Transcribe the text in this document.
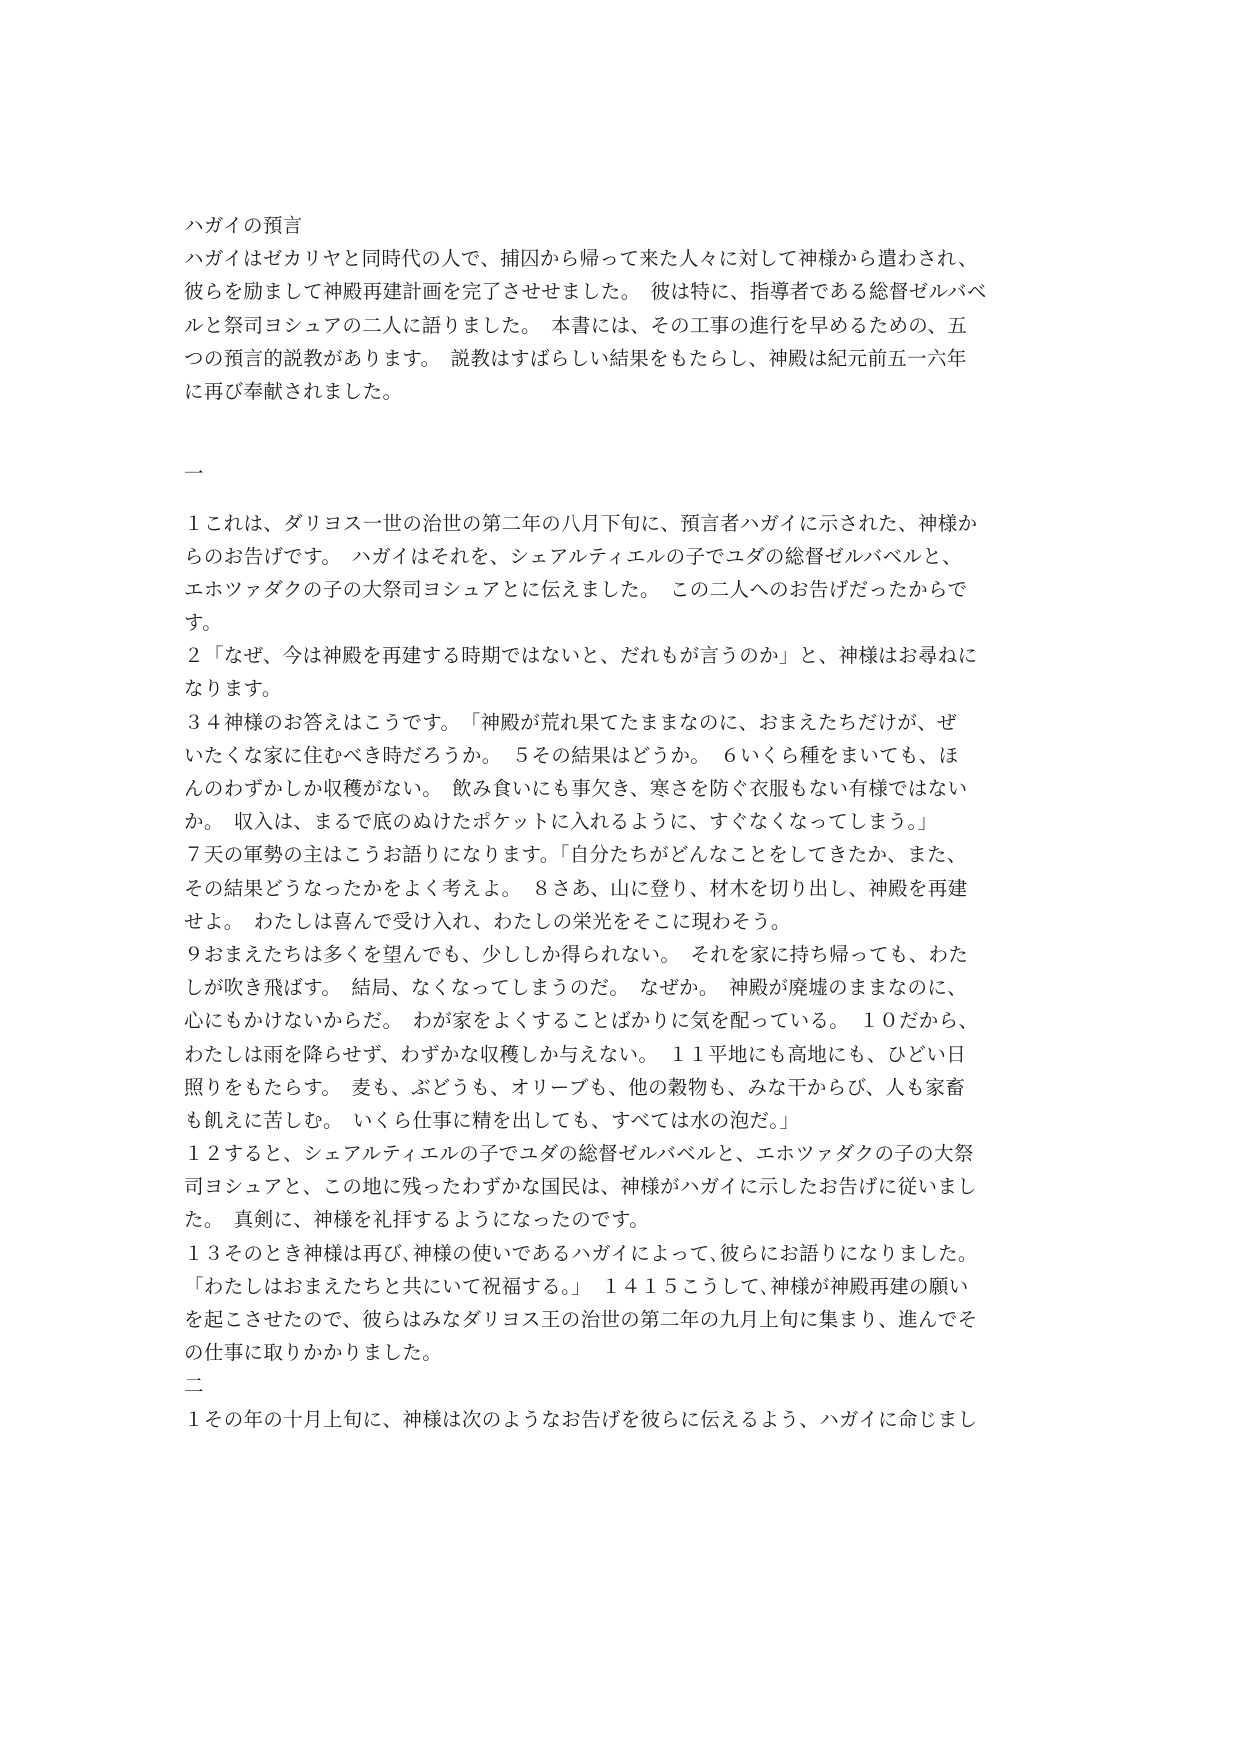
ハガイの預言
ハガイはゼカリヤと同時代の人で、捕囚から帰って来た人々に対して神様から遣わされ、
彼らを励まして神殿再建計画を完了させせました。　彼は特に、指導者である総督ゼルバベ
ルと祭司ヨシュアの二人に語りました。　本書には、その工事の進行を早めるための、五
つの預言的説教があります。　説教はすばらしい結果をもたらし、神殿は紀元前五一六年
に再び奉献されました。
一
１これは、ダリヨス一世の治世の第二年の八月下旬に、預言者ハガイに示された、神様か
らのお告げです。　ハガイはそれを、シェアルティエルの子でユダの総督ゼルバベルと、
エホツァダクの子の大祭司ヨシュアとに伝えました。　この二人へのお告げだったからで
す。
２「なぜ、今は神殿を再建する時期ではないと、だれもが言うのか」と、神様はお尋ねに
なります。
３４神様のお答えはこうです。　「神殿が荒れ果てたままなのに、おまえたちだけが、ぜ
いたくな家に住むべき時だろうか。　５その結果はどうか。　６いくら種をまいても、ほ
んのわずかしか収穫がない。　飲み食いにも事欠き、寒さを防ぐ衣服もない有様ではない
か。　収入は、まるで底のぬけたポケットに入れるように、すぐなくなってしまう。」
７天の軍勢の主はこうお語りになります。「自分たちがどんなことをしてきたか、また、
その結果どうなったかをよく考えよ。　８さあ、山に登り、材木を切り出し、神殿を再建
せよ。　わたしは喜んで受け入れ、わたしの栄光をそこに現わそう。
９おまえたちは多くを望んでも、少ししか得られない。　それを家に持ち帰っても、わた
しが吹き飛ばす。　結局、なくなってしまうのだ。　なぜか。　神殿が廃墟のままなのに、
心にもかけないからだ。　わが家をよくすることばかりに気を配っている。　１０だから、
わたしは雨を降らせず、わずかな収穫しか与えない。　１１平地にも高地にも、ひどい日
照りをもたらす。　麦も、ぶどうも、オリーブも、他の穀物も、みな干からび、人も家畜
も飢えに苦しむ。　いくら仕事に精を出しても、すべては水の泡だ。」
１２すると、シェアルティエルの子でユダの総督ゼルバベルと、エホツァダクの子の大祭
司ヨシュアと、この地に残ったわずかな国民は、神様がハガイに示したお告げに従いまし
た。　真剣に、神様を礼拝するようになったのです。
１３そのとき神様は再び､神様の使いであるハガイによって､彼らにお語りになりました。
「わたしはおまえたちと共にいて祝福する。」　１４１５こうして､神様が神殿再建の願い
を起こさせたので、彼らはみなダリヨス王の治世の第二年の九月上旬に集まり、進んでそ
の仕事に取りかかりました。
二
１その年の十月上旬に、神様は次のようなお告げを彼らに伝えるよう、ハガイに命じまし
